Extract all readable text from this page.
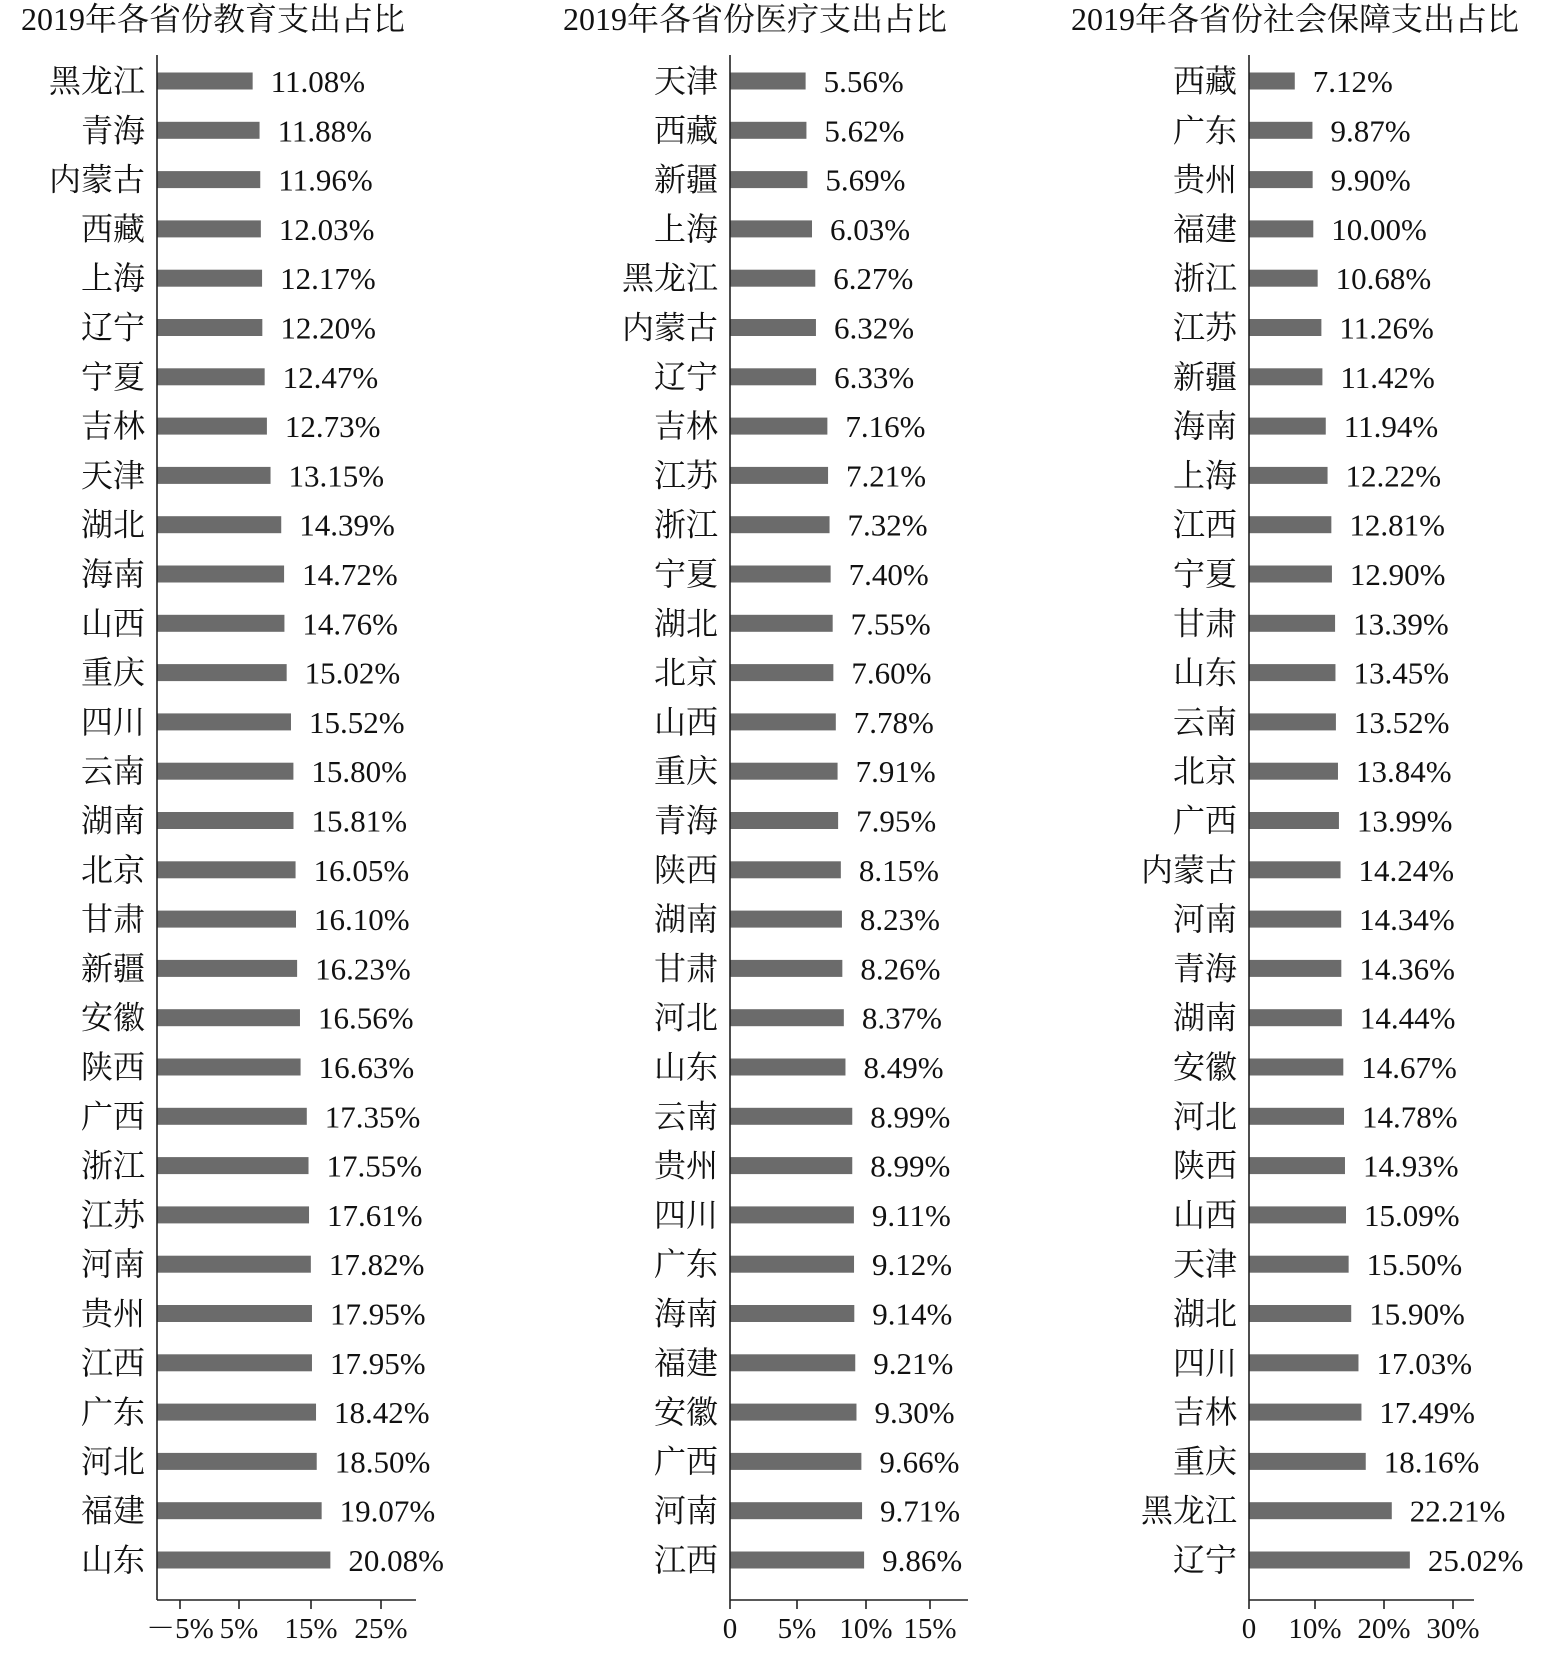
2019年各省份教育支出占比
黑龙江	11.08%
青海	11.88%
内蒙古	11.96%
西藏	12.03%
上海	12.17%
辽宁	12.20%
宁夏	12.47%
吉林	12.73%
天津	13.15%
湖北	14.39%
海南	14.72%
山西	14.76%
重庆	15.02%
四川	15.52%
云南	15.80%
湖南	15.81%
北京	16.05%
甘肃	16.10%
新疆	16.23%
安徽	16.56%
陕西	16.63%
广西	17.35%
浙江	17.55%
江苏	17.61%
河南	17.82%
贵州	17.95%
江西	17.95%
广东	18.42%
河北	18.50%
福建	19.07%
山东	20.08%
－5% 5% 15% 25%
2019年各省份医疗支出占比
天津	5.56%
西藏	5.62%
新疆	5.69%
上海	6.03%
黑龙江	6.27%
内蒙古	6.32%
辽宁	6.33%
吉林	7.16%
江苏	7.21%
浙江	7.32%
宁夏	7.40%
湖北	7.55%
北京	7.60%
山西	7.78%
重庆	7.91%
青海	7.95%
陕西	8.15%
湖南	8.23%
甘肃	8.26%
河北	8.37%
山东	8.49%
云南	8.99%
贵州	8.99%
四川	9.11%
广东	9.12%
海南	9.14%
福建	9.21%
安徽	9.30%
广西	9.66%
河南	9.71%
江西	9.86%
0 5% 10% 15%
2019年各省份社会保障支出占比
西藏 7.12%
广东	9.87%
贵州	9.90%
福建	10.00%
浙江	10.68%
江苏	11.26%
新疆	11.42%
海南	11.94%
上海	12.22%
江西	12.81%
宁夏	12.90%
甘肃	13.39%
山东	13.45%
云南	13.52%
北京	13.84%
广西	13.99%
内蒙古	14.24%
河南	14.34%
青海	14.36%
湖南	14.44%
安徽	14.67%
河北	14.78%
陕西	14.93%
山西	15.09%
天津	15.50%
湖北	15.90%
四川	17.03%
吉林	17.49%
重庆	18.16%
黑龙江	22.21%
辽宁	25.02%
0 10% 20% 30%
